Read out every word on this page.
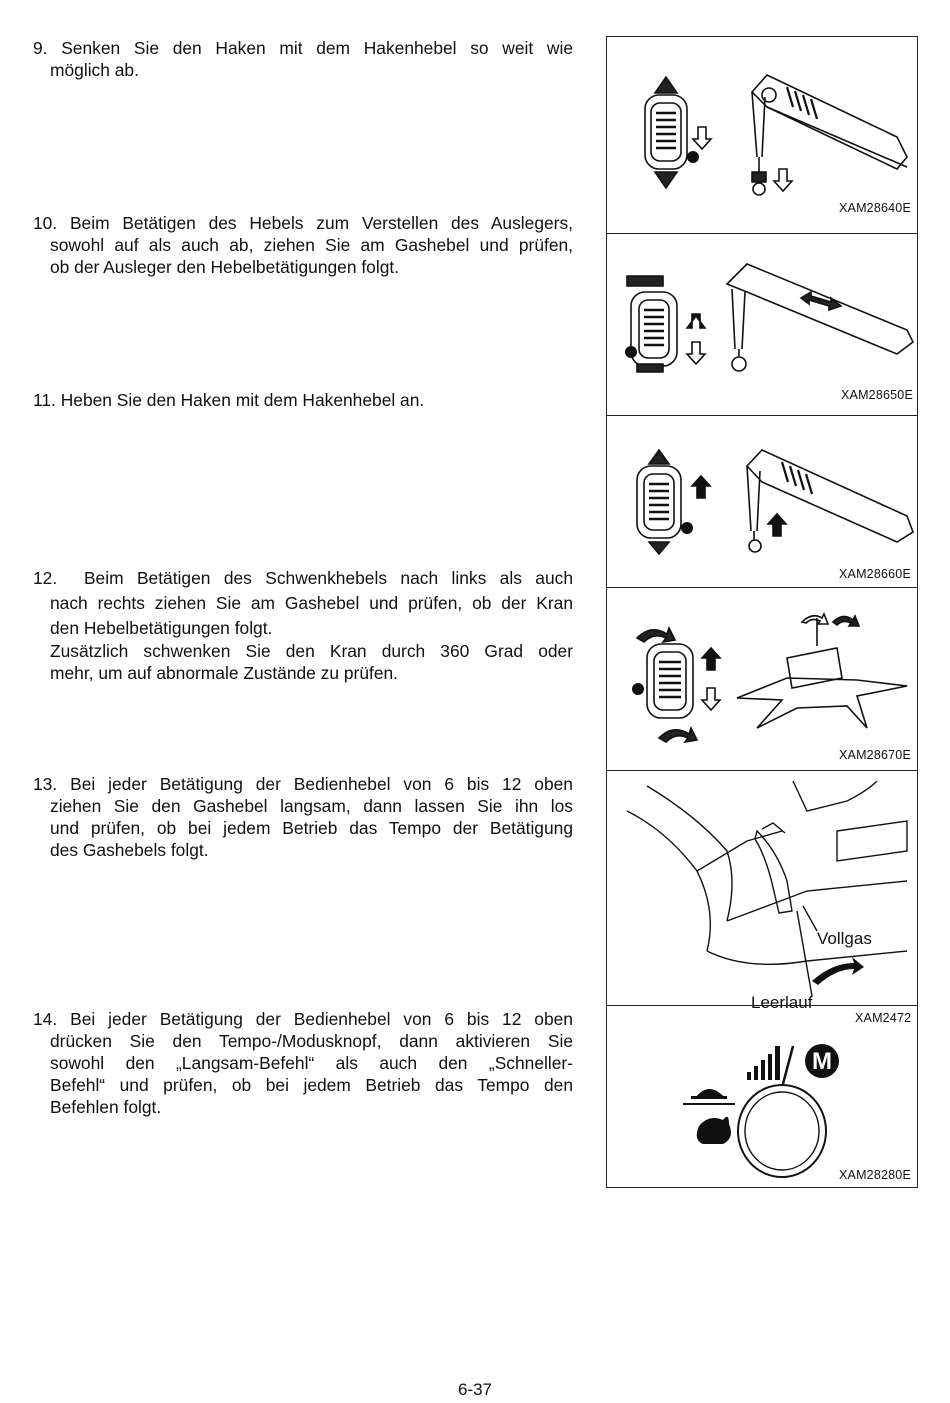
9. Senken Sie den Haken mit dem Hakenhebel so weit wie

möglich ab.

10. Beim Betätigen des Hebels zum Verstellen des Auslegers,

sowohl auf als auch ab, ziehen Sie am Gashebel und prüfen,

ob der Ausleger den Hebelbetätigungen folgt.

11. Heben Sie den Haken mit dem Hakenhebel an.

12. Beim Betätigen des Schwenkhebels nach links als auch

nach rechts ziehen Sie am Gashebel und prüfen, ob der Kran

den Hebelbetätigungen folgt.

Zusätzlich schwenken Sie den Kran durch 360 Grad oder

mehr, um auf abnormale Zustände zu prüfen.

13. Bei jeder Betätigung der Bedienhebel von 6 bis 12 oben

ziehen Sie den Gashebel langsam, dann lassen Sie ihn los

und prüfen, ob bei jedem Betrieb das Tempo der Betätigung

des Gashebels folgt.

14. Bei jeder Betätigung der Bedienhebel von 6 bis 12 oben

drücken Sie den Tempo-/Modusknopf, dann aktivieren Sie

sowohl den „Langsam-Befehl“ als auch den „Schneller-

Befehl“ und prüfen, ob bei jedem Betrieb das Tempo den

Befehlen folgt.

XAM28640E
XAM28650E
XAM28660E
XAM28670E
Vollgas
Leerlauf
XAM2472
M
XAM28280E
6-37
